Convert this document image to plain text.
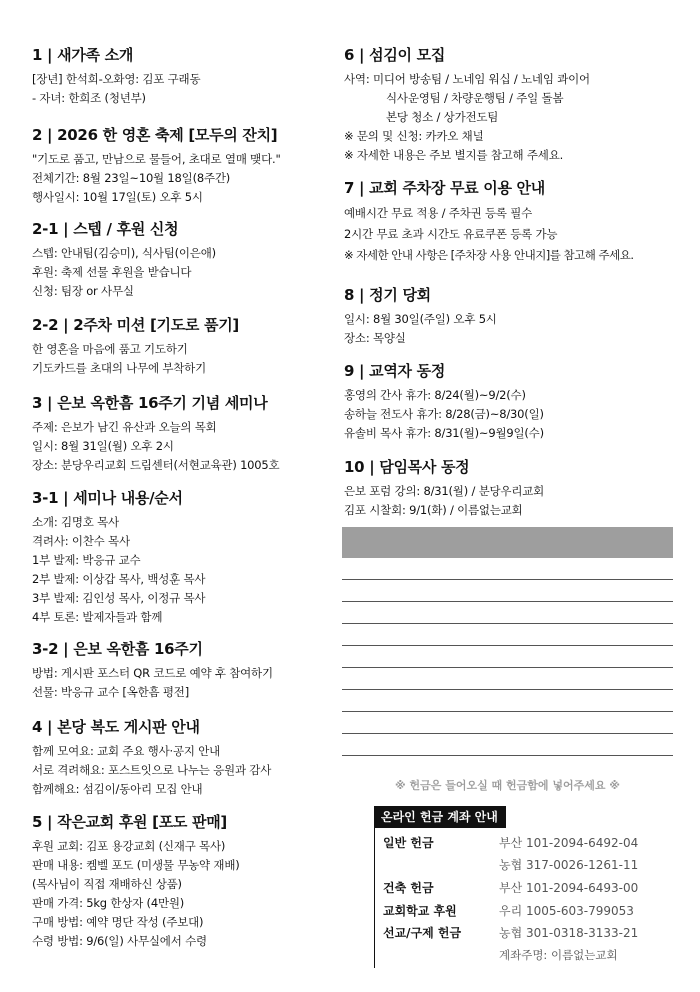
1 | 새가족 소개
[장년] 한석희-오화영: 김포 구래동
- 자녀: 한희조 (청년부)
2 | 2026 한 영혼 축제 [모두의 잔치]
"기도로 품고, 만남으로 물들어, 초대로 열매 맺다."
전체기간: 8월 23일~10월 18일(8주간)
행사일시: 10월 17일(토) 오후 5시
2-1 | 스텝 / 후원 신청
스텝: 안내팀(김승미), 식사팀(이은애)
후원: 축제 선물 후원을 받습니다
신청: 팀장 or 사무실
2-2 | 2주차 미션 [기도로 품기]
한 영혼을 마음에 품고 기도하기
기도카드를 초대의 나무에 부착하기
3 | 은보 옥한흠 16주기 기념 세미나
주제: 은보가 남긴 유산과 오늘의 목회
일시: 8월 31일(월) 오후 2시
장소: 분당우리교회 드림센터(서현교육관) 1005호
3-1 | 세미나 내용/순서
소개: 김명호 목사
격려사: 이찬수 목사
1부 발제: 박응규 교수
2부 발제: 이상갑 목사, 백성훈 목사
3부 발제: 김인성 목사, 이정규 목사
4부 토론: 발제자들과 함께
3-2 | 은보 옥한흠 16주기
방법: 게시판 포스터 QR 코드로 예약 후 참여하기
선물: 박응규 교수 [옥한흠 평전]
4 | 본당 복도 게시판 안내
함께 모여요: 교회 주요 행사·공지 안내
서로 격려해요: 포스트잇으로 나누는 응원과 감사
함께해요: 섬김이/동아리 모집 안내
5 | 작은교회 후원 [포도 판매]
후원 교회: 김포 용강교회 (신재구 목사)
판매 내용: 켐벨 포도 (미생물 무농약 재배)
(목사님이 직접 재배하신 상품)
판매 가격: 5kg 한상자 (4만원)
구매 방법: 예약 명단 작성 (주보대)
수령 방법: 9/6(일) 사무실에서 수령
6 | 섬김이 모집
사역: 미디어 방송팀 / 노네임 워십 / 노네임 콰이어
식사운영팀 / 차량운행팀 / 주일 돌봄
본당 청소 / 상가전도팀
※ 문의 및 신청: 카카오 채널
※ 자세한 내용은 주보 별지를 참고해 주세요.
7 | 교회 주차장 무료 이용 안내
예배시간 무료 적용 / 주차권 등록 필수
2시간 무료 초과 시간도 유료쿠폰 등록 가능
※ 자세한 안내 사항은 [주차장 사용 안내지]를 참고해 주세요.
8 | 정기 당회
일시: 8월 30일(주일) 오후 5시
장소: 목양실
9 | 교역자 동정
홍영의 간사 휴가: 8/24(월)~9/2(수)
송하늘 전도사 휴가: 8/28(금)~8/30(일)
유솔비 목사 휴가: 8/31(월)~9월9일(수)
10 | 담임목사 동정
은보 포럼 강의: 8/31(월) / 분당우리교회
김포 시찰회: 9/1(화) / 이름없는교회
※ 헌금은 들어오실 때 헌금함에 넣어주세요 ※
온라인 헌금 계좌 안내
일반 헌금	부산 101-2094-6492-04
농협 317-0026-1261-11
건축 헌금	부산 101-2094-6493-00
교회학교 후원	우리 1005-603-799053
선교/구제 헌금	농협 301-0318-3133-21
계좌주명: 이름없는교회
